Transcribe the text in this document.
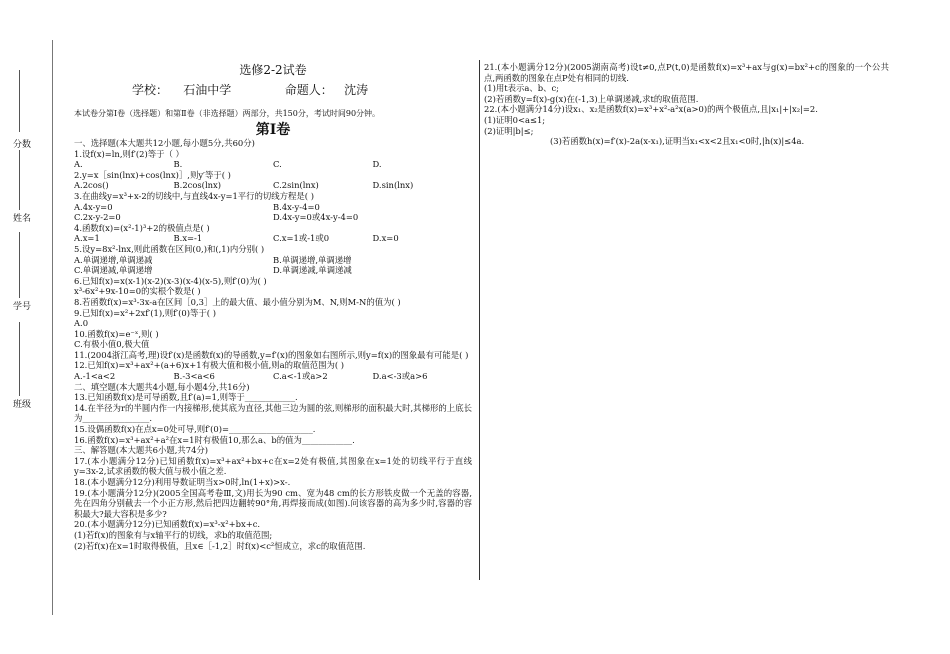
分数
姓名
学号
班级
选修2-2试卷
学校： 石油中学	命题人： 沈涛
本试卷分第Ⅰ卷（选择题）和第Ⅱ卷（非选择题）两部分，共150分，考试时间90分钟。
第Ⅰ卷
一、选择题(本大题共12小题,每小题5分,共60分)
1.设f(x)=ln,则f′(2)等于（ ）
A.	B.	C.	D.
2.y=x［sin(lnx)+cos(lnx)］,则y′等于( )
A.2cos()	B.2cos(lnx)	C.2sin(lnx)	D.sin(lnx)
3.在曲线y=x³+x-2的切线中,与直线4x-y=1平行的切线方程是( )
A.4x-y=0	B.4x-y-4=0
C.2x-y-2=0	D.4x-y=0或4x-y-4=0
4.函数f(x)=(x²-1)³+2的极值点是( )
A.x=1	B.x=-1	C.x=1或-1或0	D.x=0
5.设y=8x²-lnx,则此函数在区间(0,)和(,1)内分别( )
A.单调递增,单调递减	B.单调递增,单调递增
C.单调递减,单调递增	D.单调递减,单调递减
6.已知f(x)=x(x-1)(x-2)(x-3)(x-4)(x-5),则f′(0)为( )
x³-6x²+9x-10=0的实根个数是( )
8.若函数f(x)=x³-3x-a在区间［0,3］上的最大值、最小值分别为M、N,则M-N的值为( )
9.已知f(x)=x²+2xf′(1),则f′(0)等于( )
A.0
10.函数f(x)=e⁻ˣ,则( )
C.有极小值0,极大值
11.(2004浙江高考,理)设f′(x)是函数f(x)的导函数,y=f′(x)的图象如右图所示,则y=f(x)的图象最有可能是( )
12.已知f(x)=x³+ax²+(a+6)x+1有极大值和极小值,则a的取值范围为( )
A.-1<a<2	B.-3<a<6	C.a<-1或a>2	D.a<-3或a>6
二、填空题(本大题共4小题,每小题4分,共16分)
13.已知函数f(x)是可导函数,且f′(a)=1,则等于____________.
14.在半径为r的半圆内作一内接梯形,使其底为直径,其他三边为圆的弦,则梯形的面积最大时,其梯形的上底长为________________.
15.设偶函数f(x)在点x=0处可导,则f′(0)=____________________.
16.函数f(x)=x³+ax²+a²在x=1时有极值10,那么a、b的值为____________.
三、解答题(本大题共6小题,共74分)
17.(本小题满分12分)已知函数f(x)=x³+ax²+bx+c在x=2处有极值,其图象在x=1处的切线平行于直线y=3x-2,试求函数的极大值与极小值之差.
18.(本小题满分12分)利用导数证明当x>0时,ln(1+x)>x-.
19.(本小题满分12分)(2005全国高考卷Ⅲ,文)用长为90 cm、宽为48 cm的长方形铁皮做一个无盖的容器,先在四角分别截去一个小正方形,然后把四边翻转90°角,再焊接而成(如图).问该容器的高为多少时,容器的容积最大?最大容积是多少?
20.(本小题满分12分)已知函数f(x)=x³-x²+bx+c.
(1)若f(x)的图象有与x轴平行的切线，求b的取值范围;
(2)若f(x)在x=1时取得极值，且x∈［-1,2］时f(x)<c²恒成立，求c的取值范围.
21.(本小题满分12分)(2005湖南高考)设t≠0,点P(t,0)是函数f(x)=x³+ax与g(x)=bx²+c的图象的一个公共点,两函数的图象在点P处有相同的切线.
(1)用t表示a、b、c;
(2)若函数y=f(x)-g(x)在(-1,3)上单调递减,求t的取值范围.
22.(本小题满分14分)设x₁、x₂是函数f(x)=x³+x²-a²x(a>0)的两个极值点,且|x₁|+|x₂|=2.
(1)证明0<a≤1;
(2)证明|b|≤;
(3)若函数h(x)=f′(x)-2a(x-x₁),证明当x₁<x<2且x₁<0时,|h(x)|≤4a.
